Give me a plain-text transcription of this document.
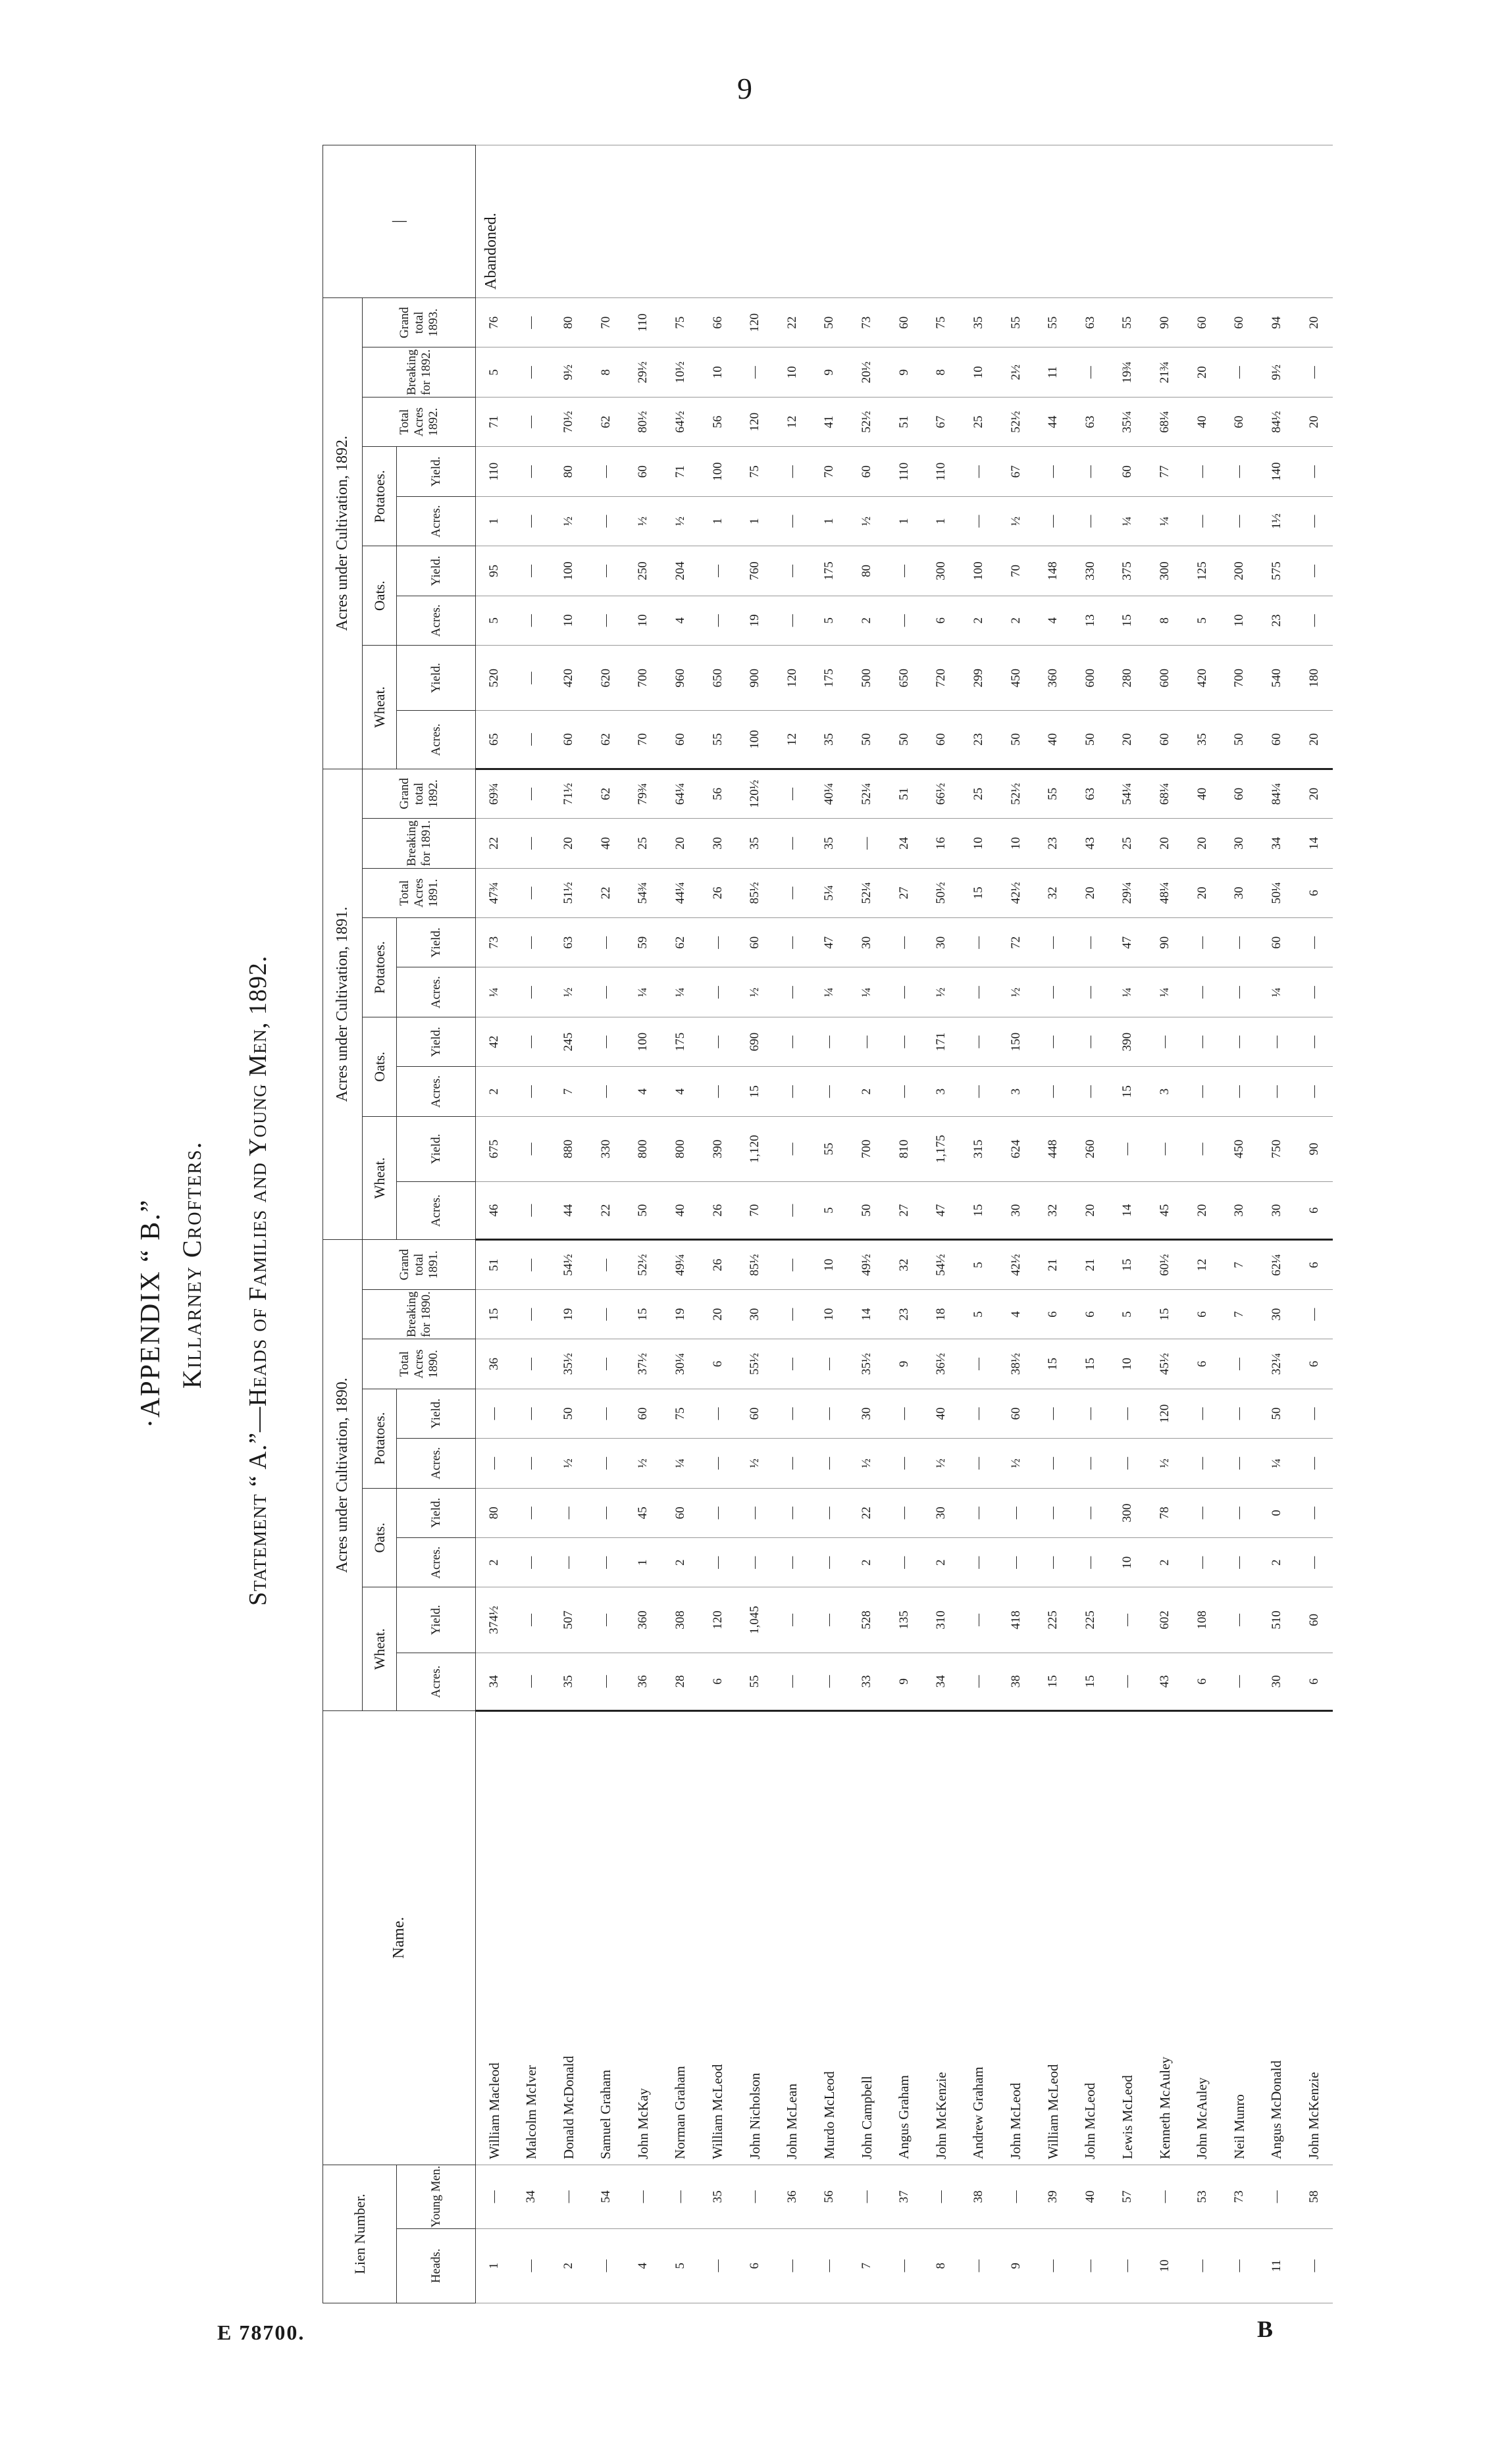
9
·APPENDIX “ B.” Killarney Crofters. Statement “ A.”—Heads of Families and Young Men, 1892.
Lien Number.		Name.	Acres under Cultivation, 1890.									Acres under Cultivation, 1891.									Acres under Cultivation, 1892.									|
			Wheat.		Oats.		Potatoes.		Total Acres 1890.	Breaking for 1890.	Grand total 1891.	Wheat.		Oats.		Potatoes.		Total Acres 1891.	Breaking for 1891.	Grand total 1892.	Wheat.		Oats.		Potatoes.		Total Acres 1892.	Breaking for 1892.	Grand total 1893.	
Heads.	Young Men.		Acres.	Yield.	Acres.	Yield.	Acres.	Yield.				Acres.	Yield.	Acres.	Yield.	Acres.	Yield.				Acres.	Yield.	Acres.	Yield.	Acres.	Yield.				

1	—	William Macleod	34	374½	2	80	—	—	36	15	51	46	675	2	42	¼	73	47¾	22	69¾	65	520	5	95	1	110	71	5	76	Abandoned.

—	34	Malcolm McIver	—	—	—	—	—	—	—	—	—	—	—	—	—	—	—	—	—	—	—	—	—	—	—	—	—	—	—	
2	—	Donald McDonald	35	507	—	—	½	50	35½	19	54½	44	880	7	245	½	63	51½	20	71½	60	420	10	100	½	80	70½	9½	80	
—	54	Samuel Graham	—	—	—	—	—	—	—	—	—	22	330	—	—	—	—	22	40	62	62	620	—	—	—	—	62	8	70	
4	—	John McKay	36	360	1	45	½	60	37½	15	52½	50	800	4	100	¼	59	54¾	25	79¾	70	700	10	250	½	60	80½	29½	110	
5	—	Norman Graham	28	308	2	60	¼	75	30¼	19	49¼	40	800	4	175	¼	62	44¼	20	64¼	60	960	4	204	½	71	64½	10½	75	
—	35	William McLeod	6	120	—	—	—	—	6	20	26	26	390	—	—	—	—	26	30	56	55	650	—	—	1	100	56	10	66	
6	—	John Nicholson	55	1,045	—	—	½	60	55½	30	85½	70	1,120	15	690	½	60	85½	35	120½	100	900	19	760	1	75	120	—	120	
—	36	John McLean	—	—	—	—	—	—	—	—	—	—	—	—	—	—	—	—	—	—	12	120	—	—	—	—	12	10	22	
—	56	Murdo McLeod	—	—	—	—	—	—	—	10	10	5	55	—	—	¼	47	5¼	35	40¼	35	175	5	175	1	70	41	9	50	
7	—	John Campbell	33	528	2	22	½	30	35½	14	49½	50	700	2	—	¼	30	52¼	—	52¼	50	500	2	80	½	60	52½	20½	73	
—	37	Angus Graham	9	135	—	—	—	—	9	23	32	27	810	—	—	—	—	27	24	51	50	650	—	—	1	110	51	9	60	
8	—	John McKenzie	34	310	2	30	½	40	36½	18	54½	47	1,175	3	171	½	30	50½	16	66½	60	720	6	300	1	110	67	8	75	
—	38	Andrew Graham	—	—	—	—	—	—	—	5	5	15	315	—	—	—	—	15	10	25	23	299	2	100	—	—	25	10	35	
9	—	John McLeod	38	418	—	—	½	60	38½	4	42½	30	624	3	150	½	72	42½	10	52½	50	450	2	70	½	67	52½	2½	55	
—	39	William McLeod	15	225	—	—	—	—	15	6	21	32	448	—	—	—	—	32	23	55	40	360	4	148	—	—	44	11	55	
—	40	John McLeod	15	225	—	—	—	—	15	6	21	20	260	—	—	—	—	20	43	63	50	600	13	330	—	—	63	—	63	
—	57	Lewis McLeod	—	—	10	300	—	—	10	5	15	14	—	15	390	¼	47	29¼	25	54¼	20	280	15	375	¼	60	35¼	19¾	55	
10	—	Kenneth McAuley	43	602	2	78	½	120	45½	15	60½	45	—	3	—	¼	90	48¼	20	68¼	60	600	8	300	¼	77	68¼	21¾	90	
—	53	John McAuley	6	108	—	—	—	—	6	6	12	20	—	—	—	—	—	20	20	40	35	420	5	125	—	—	40	20	60	
—	73	Neil Munro	—	—	—	—	—	—	—	7	7	30	450	—	—	—	—	30	30	60	50	700	10	200	—	—	60	—	60	
11	—	Angus McDonald	30	510	2	0	¼	50	32¼	30	62¼	30	750	—	—	¼	60	50¼	34	84¼	60	540	23	575	1½	140	84½	9½	94	
—	58	John McKenzie	6	60	—	—	—	—	6	—	6	6	90	—	—	—	—	6	14	20	20	180	—	—	—	—	20	—	20	
E 78700.	B
